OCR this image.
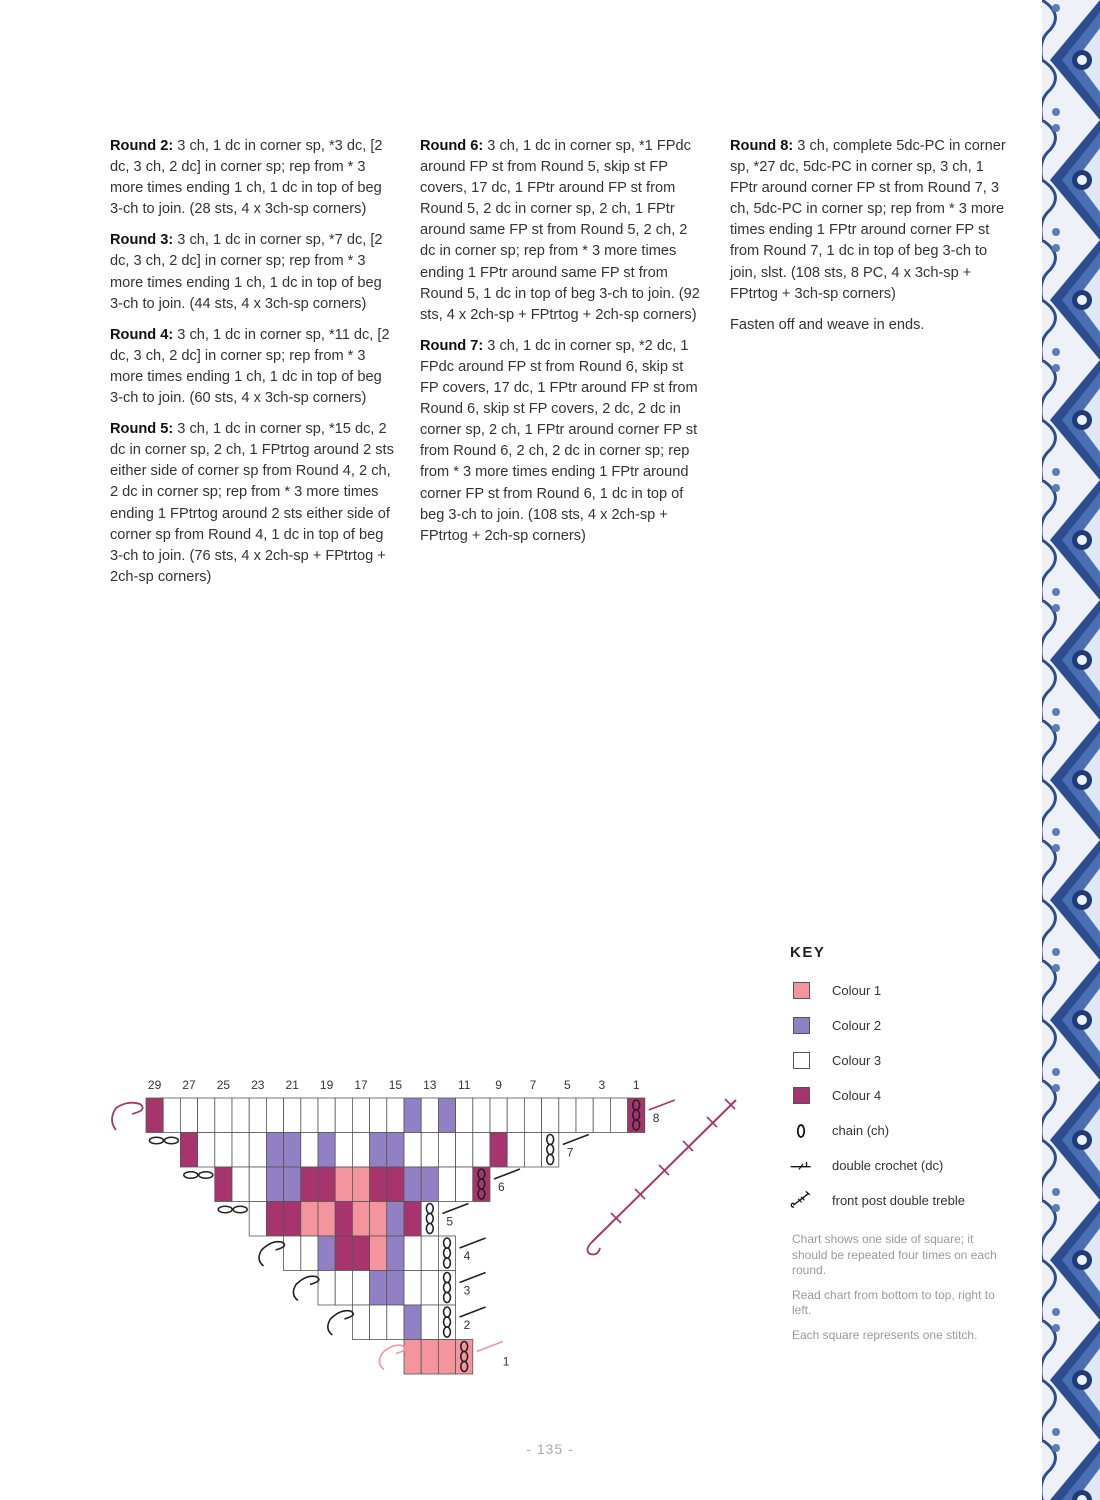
Round 2: 3 ch, 1 dc in corner sp, *3 dc, [2 dc, 3 ch, 2 dc] in corner sp; rep from * 3 more times ending 1 ch, 1 dc in top of beg 3-ch to join. (28 sts, 4 x 3ch-sp corners)

Round 3: 3 ch, 1 dc in corner sp, *7 dc, [2 dc, 3 ch, 2 dc] in corner sp; rep from * 3 more times ending 1 ch, 1 dc in top of beg 3-ch to join. (44 sts, 4 x 3ch-sp corners)

Round 4: 3 ch, 1 dc in corner sp, *11 dc, [2 dc, 3 ch, 2 dc] in corner sp; rep from * 3 more times ending 1 ch, 1 dc in top of beg 3-ch to join. (60 sts, 4 x 3ch-sp corners)

Round 5: 3 ch, 1 dc in corner sp, *15 dc, 2 dc in corner sp, 2 ch, 1 FPtrtog around 2 sts either side of corner sp from Round 4, 2 ch, 2 dc in corner sp; rep from * 3 more times ending 1 FPtrtog around 2 sts either side of corner sp from Round 4, 1 dc in top of beg 3-ch to join. (76 sts, 4 x 2ch-sp + FPtrtog + 2ch-sp corners)

Round 6: 3 ch, 1 dc in corner sp, *1 FPdc around FP st from Round 5, skip st FP covers, 17 dc, 1 FPtr around FP st from Round 5, 2 dc in corner sp, 2 ch, 1 FPtr around same FP st from Round 5, 2 ch, 2 dc in corner sp; rep from * 3 more times ending 1 FPtr around same FP st from Round 5, 1 dc in top of beg 3-ch to join. (92 sts, 4 x 2ch-sp + FPtrtog + 2ch-sp corners)

Round 7: 3 ch, 1 dc in corner sp, *2 dc, 1 FPdc around FP st from Round 6, skip st FP covers, 17 dc, 1 FPtr around FP st from Round 6, skip st FP covers, 2 dc, 2 dc in corner sp, 2 ch, 1 FPtr around corner FP st from Round 6, 2 ch, 2 dc in corner sp; rep from * 3 more times ending 1 FPtr around corner FP st from Round 6, 1 dc in top of beg 3-ch to join. (108 sts, 4 x 2ch-sp + FPtrtog + 2ch-sp corners)

Round 8: 3 ch, complete 5dc-PC in corner sp, *27 dc, 5dc-PC in corner sp, 3 ch, 1 FPtr around corner FP st from Round 7, 3 ch, 5dc-PC in corner sp; rep from * 3 more times ending 1 FPtr around corner FP st from Round 7, 1 dc in top of beg 3-ch to join, slst. (108 sts, 8 PC, 4 x 3ch-sp + FPtrtog + 3ch-sp corners)

Fasten off and weave in ends.

29 27 25 23 21 19 17 15 13 11 9 7 5 3 1
8
7
6
5
4
3
2
1
KEY
Colour 1
Colour 2
Colour 3
Colour 4
chain (ch)
double crochet (dc)
front post double treble

Chart shows one side of square; it should be repeated four times on each round.

Read chart from bottom to top, right to left.

Each square represents one stitch.

- 135 -
